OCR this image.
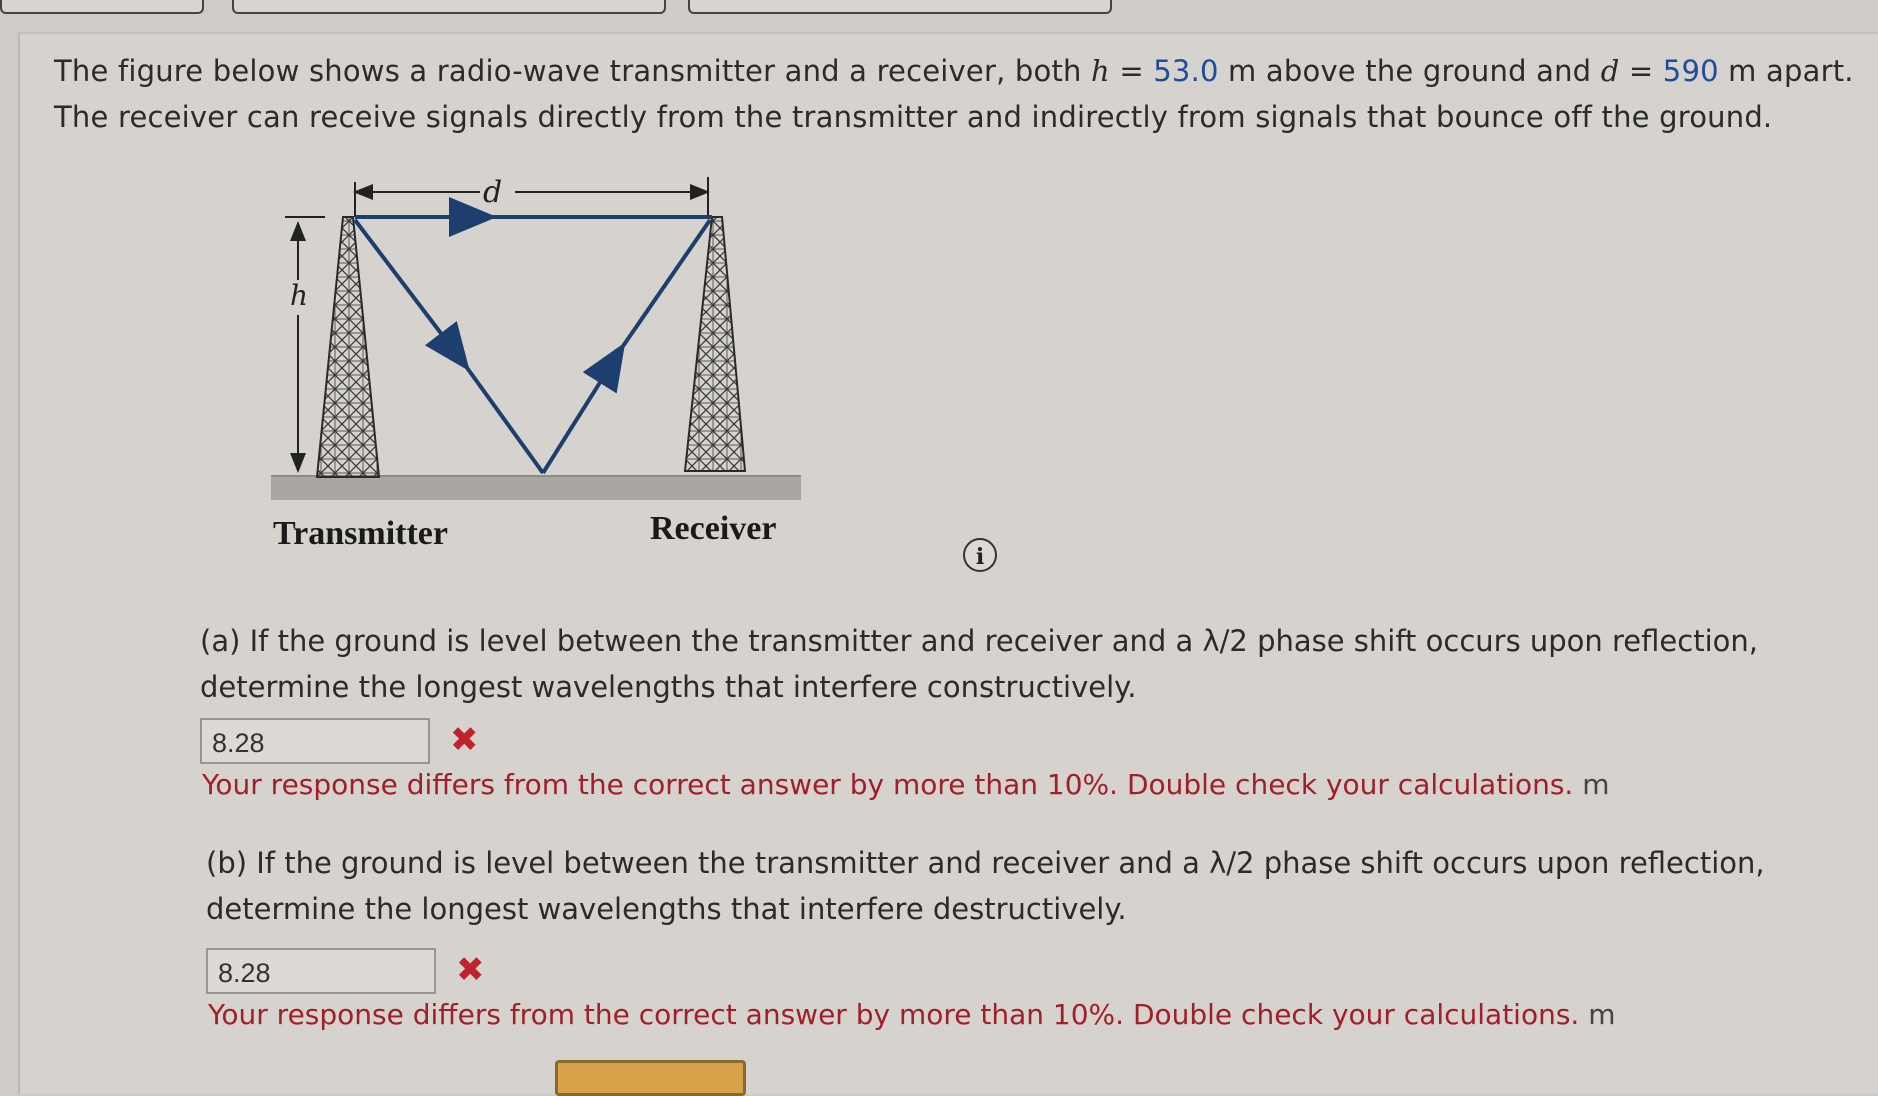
The figure below shows a radio-wave transmitter and a receiver, both h = 53.0 m above the ground and d = 590 m apart.
The receiver can receive signals directly from the transmitter and indirectly from signals that bounce off the ground.
d
h
Transmitter	Receiver
i
(a) If the ground is level between the transmitter and receiver and a λ/2 phase shift occurs upon reflection,
determine the longest wavelengths that interfere constructively.
8.28	✖
Your response differs from the correct answer by more than 10%. Double check your calculations. m
(b) If the ground is level between the transmitter and receiver and a λ/2 phase shift occurs upon reflection,
determine the longest wavelengths that interfere destructively.
8.28	✖
Your response differs from the correct answer by more than 10%. Double check your calculations. m
